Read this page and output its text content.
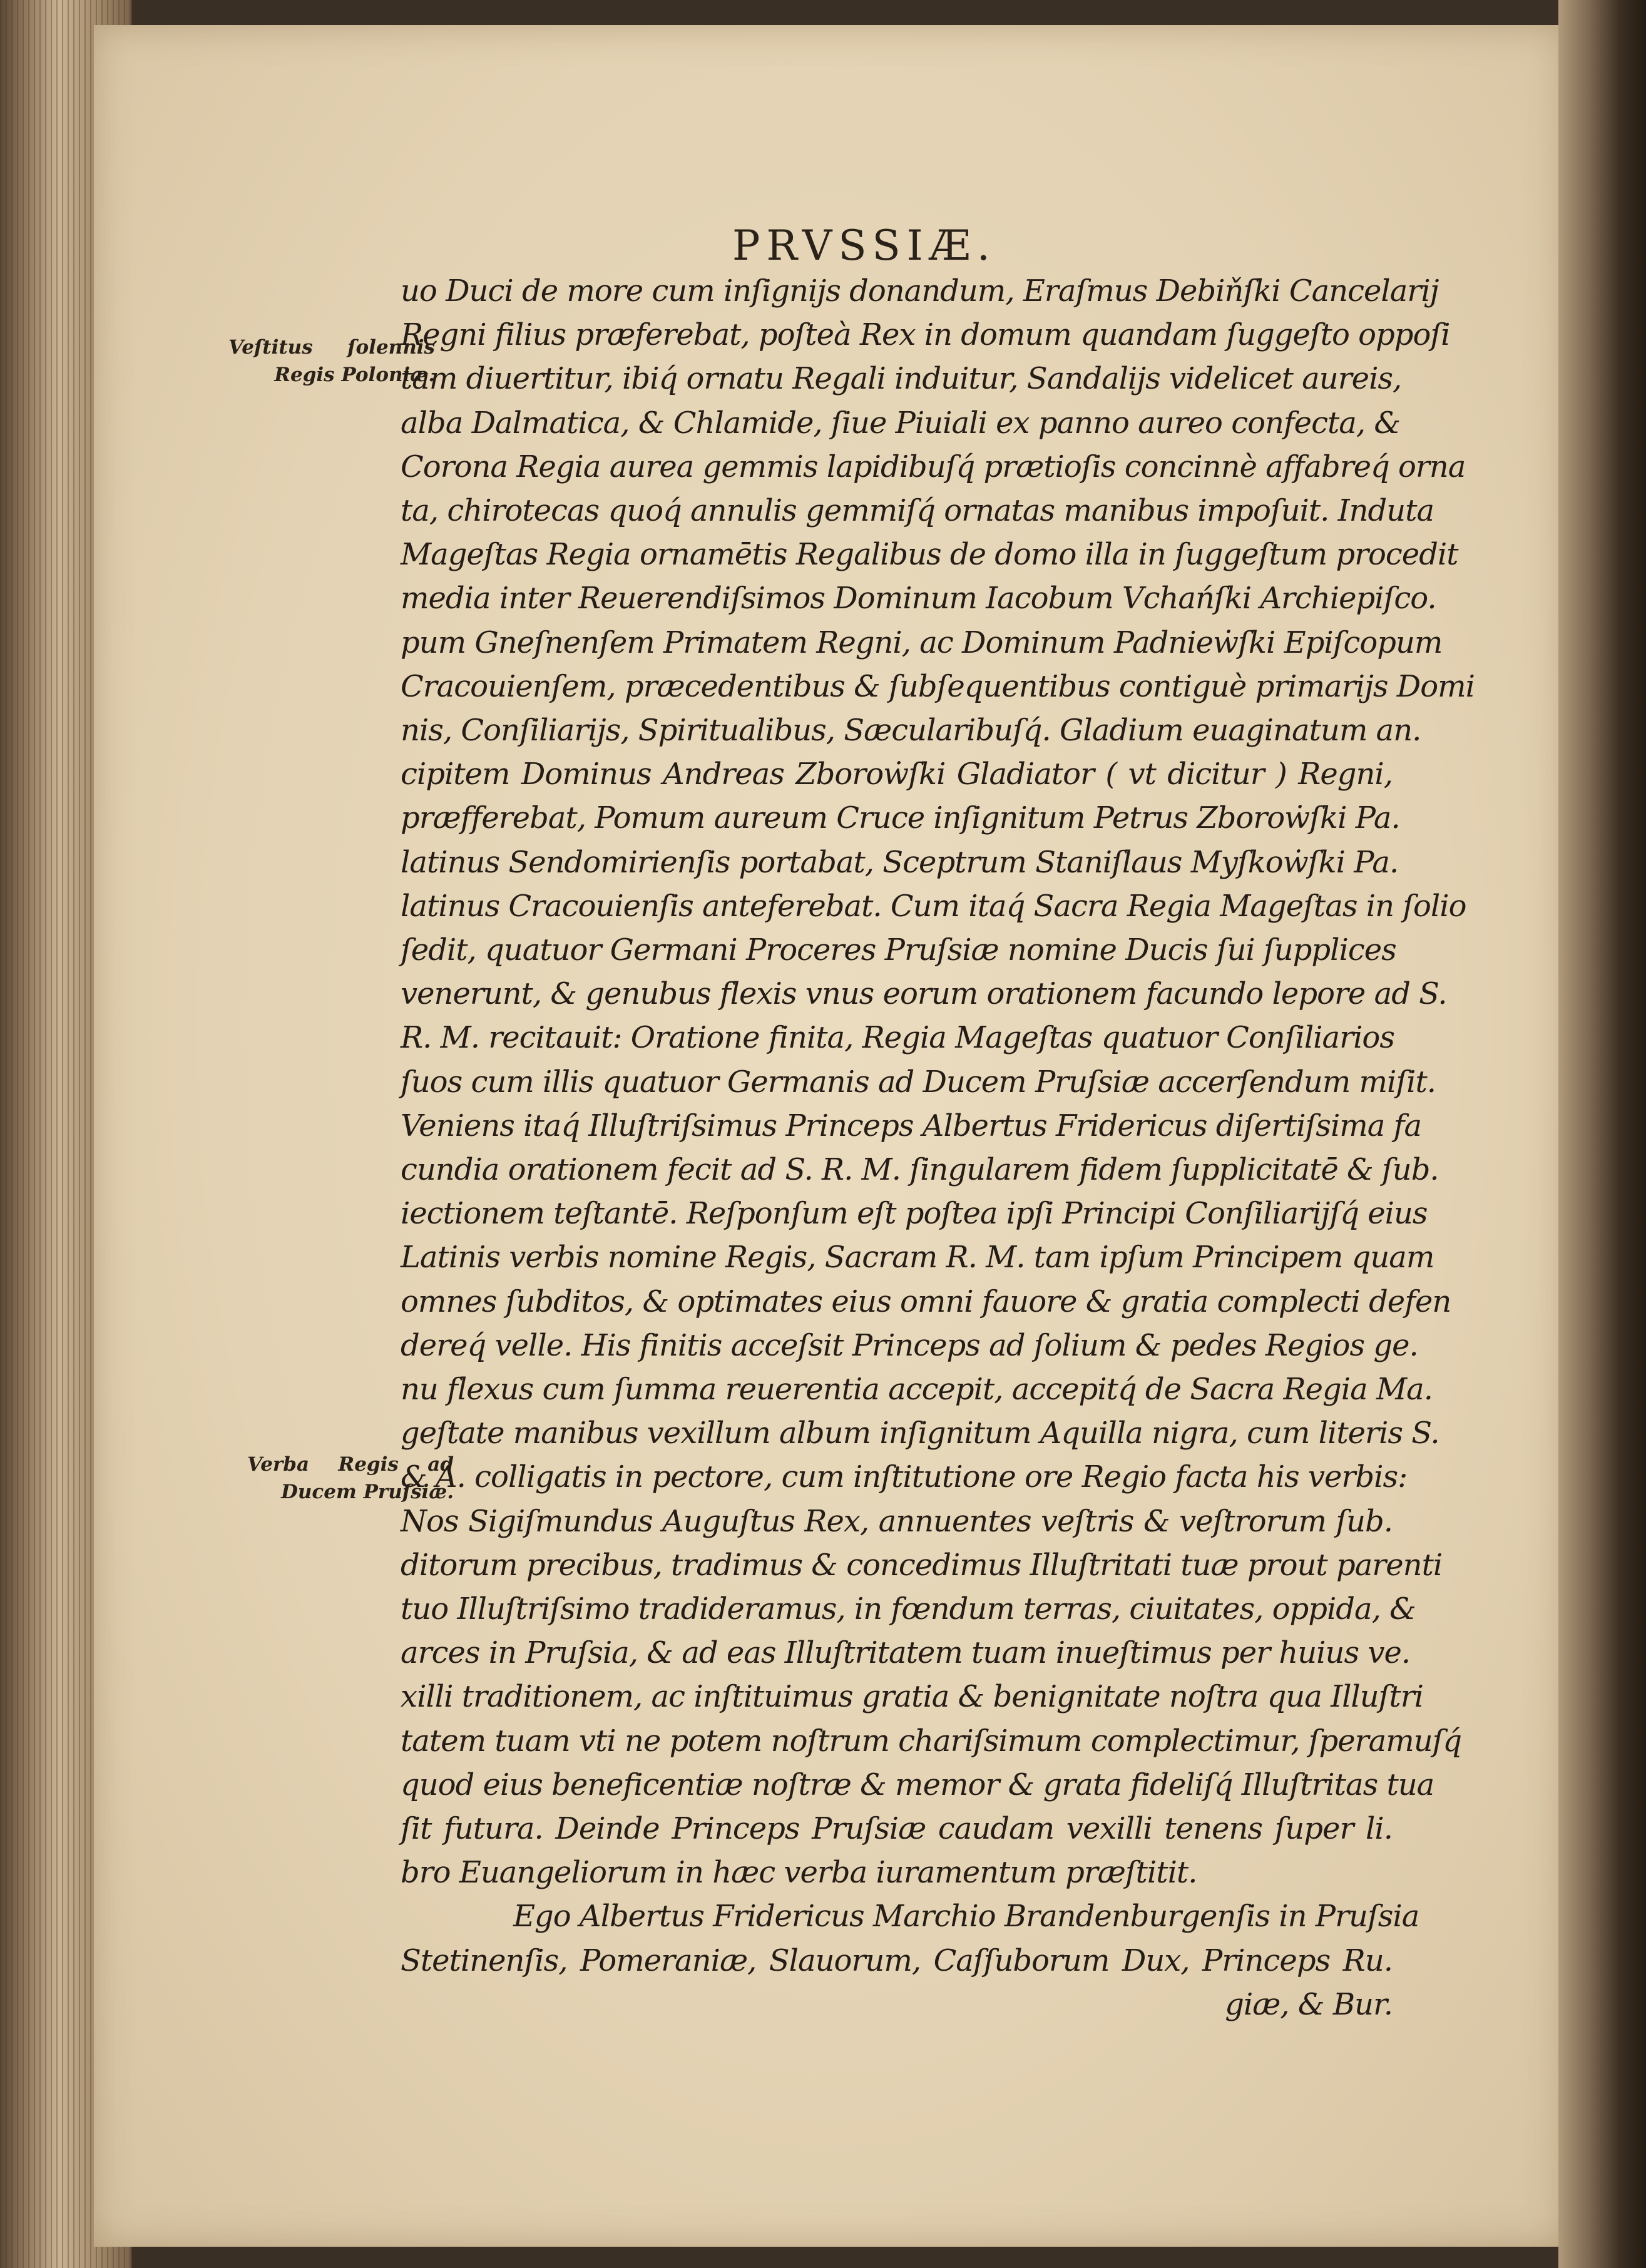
PRVSSIÆ.
Veſtitus ſolennis
Regis Poloniæ.
Verba Regis ad
Ducem Pruſsiæ.
uo Duci de more cum inſignijs donandum, Eraſmus Debiňſki Cancelarij
Regni filius præferebat, poſteà Rex in domum quandam ſuggeſto oppoſi
tam diuertitur, ibiq́ ornatu Regali induitur, Sandalijs videlicet aureis,
alba Dalmatica, & Chlamide, ſiue Piuiali ex panno aureo confecta, &
Corona Regia aurea gemmis lapidibuſq́ prætioſis concinnè affabreq́ orna
ta, chirotecas quoq́ annulis gemmiſq́ ornatas manibus impoſuit. Induta
Mageſtas Regia ornamētis Regalibus de domo illa in ſuggeſtum procedit
media inter Reuerendiſsimos Dominum Iacobum Vchańſki Archiepiſco.
pum Gneſnenſem Primatem Regni, ac Dominum Padnieẇſki Epiſcopum
Cracouienſem, præcedentibus & ſubſequentibus contiguè primarijs Domi
nis, Conſiliarijs, Spiritualibus, Sæcularibuſq́. Gladium euaginatum an.
cipitem Dominus Andreas Zboroẇſki Gladiator ( vt dicitur ) Regni,
præfferebat, Pomum aureum Cruce inſignitum Petrus Zboroẇſki Pa.
latinus Sendomirienſis portabat, Sceptrum Staniſlaus Myſkoẇſki Pa.
latinus Cracouienſis anteferebat. Cum itaq́ Sacra Regia Mageſtas in ſolio
ſedit, quatuor Germani Proceres Pruſsiæ nomine Ducis ſui ſupplices
venerunt, & genubus flexis vnus eorum orationem facundo lepore ad S.
R. M. recitauit: Oratione finita, Regia Mageſtas quatuor Conſiliarios
ſuos cum illis quatuor Germanis ad Ducem Pruſsiæ accerſendum miſit.
Veniens itaq́ Illuſtriſsimus Princeps Albertus Fridericus diſertiſsima fa
cundia orationem fecit ad S. R. M. ſingularem fidem ſupplicitatē & ſub.
iectionem teſtantē. Reſponſum eſt poſtea ipſi Principi Conſiliarijſq́ eius
Latinis verbis nomine Regis, Sacram R. M. tam ipſum Principem quam
omnes ſubditos, & optimates eius omni fauore & gratia complecti defen
dereq́ velle. His finitis acceſsit Princeps ad ſolium & pedes Regios ge.
nu flexus cum ſumma reuerentia accepit, accepitq́ de Sacra Regia Ma.
geſtate manibus vexillum album inſignitum Aquilla nigra, cum literis S.
& A. colligatis in pectore, cum inſtitutione ore Regio facta his verbis:
Nos Sigiſmundus Auguſtus Rex, annuentes veſtris & veſtrorum ſub.
ditorum precibus, tradimus & concedimus Illuſtritati tuæ prout parenti
tuo Illuſtriſsimo tradideramus, in fœndum terras, ciuitates, oppida, &
arces in Pruſsia, & ad eas Illuſtritatem tuam inueſtimus per huius ve.
xilli traditionem, ac inſtituimus gratia & benignitate noſtra qua Illuſtri
tatem tuam vti ne potem noſtrum chariſsimum complectimur, ſperamuſq́
quod eius beneficentiæ noſtræ & memor & grata fideliſq́ Illuſtritas tua
ſit futura. Deinde Princeps Pruſsiæ caudam vexilli tenens ſuper li.
bro Euangeliorum in hæc verba iuramentum præſtitit.
Ego Albertus Fridericus Marchio Brandenburgenſis in Pruſsia
Stetinenſis, Pomeraniæ, Slauorum, Caſſuborum Dux, Princeps Ru.
giæ, & Bur.
